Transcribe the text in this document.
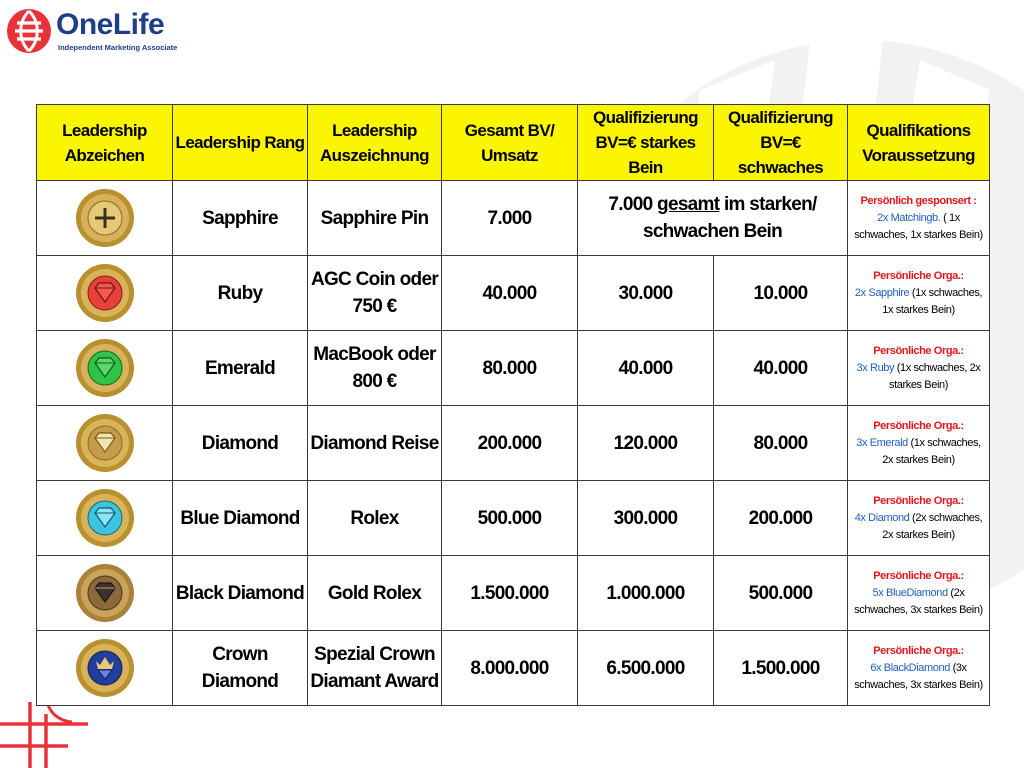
OneLife
Independent Marketing Associate
Leadership Abzeichen	Leadership Rang	Leadership Auszeichnung	Gesamt BV/ Umsatz	Qualifizierung BV=€ starkes Bein	Qualifizierung BV=€ schwaches	Qualifikations Voraussetzung

	Sapphire	Sapphire Pin	7.000	7.000 gesamt im starken/ schwachen Bein		Persönlich gesponsert :
2x Matchingb. ( 1x schwaches, 1x starkes Bein)

	Ruby	AGC Coin oder 750 €	40.000	30.000	10.000	Persönliche Orga.:
2x Sapphire (1x schwaches, 1x starkes Bein)

	Emerald	MacBook oder 800 €	80.000	40.000	40.000	Persönliche Orga.:
3x Ruby (1x schwaches, 2x starkes Bein)

	Diamond	Diamond Reise	200.000	120.000	80.000	Persönliche Orga.:
3x Emerald (1x schwaches, 2x starkes Bein)

	Blue Diamond	Rolex	500.000	300.000	200.000	Persönliche Orga.:
4x Diamond (2x schwaches, 2x starkes Bein)

	Black Diamond	Gold Rolex	1.500.000	1.000.000	500.000	Persönliche Orga.:
5x BlueDiamond (2x schwaches, 3x starkes Bein)

	Crown Diamond	Spezial Crown Diamant Award	8.000.000	6.500.000	1.500.000	Persönliche Orga.:
6x BlackDiamond (3x schwaches, 3x starkes Bein)
